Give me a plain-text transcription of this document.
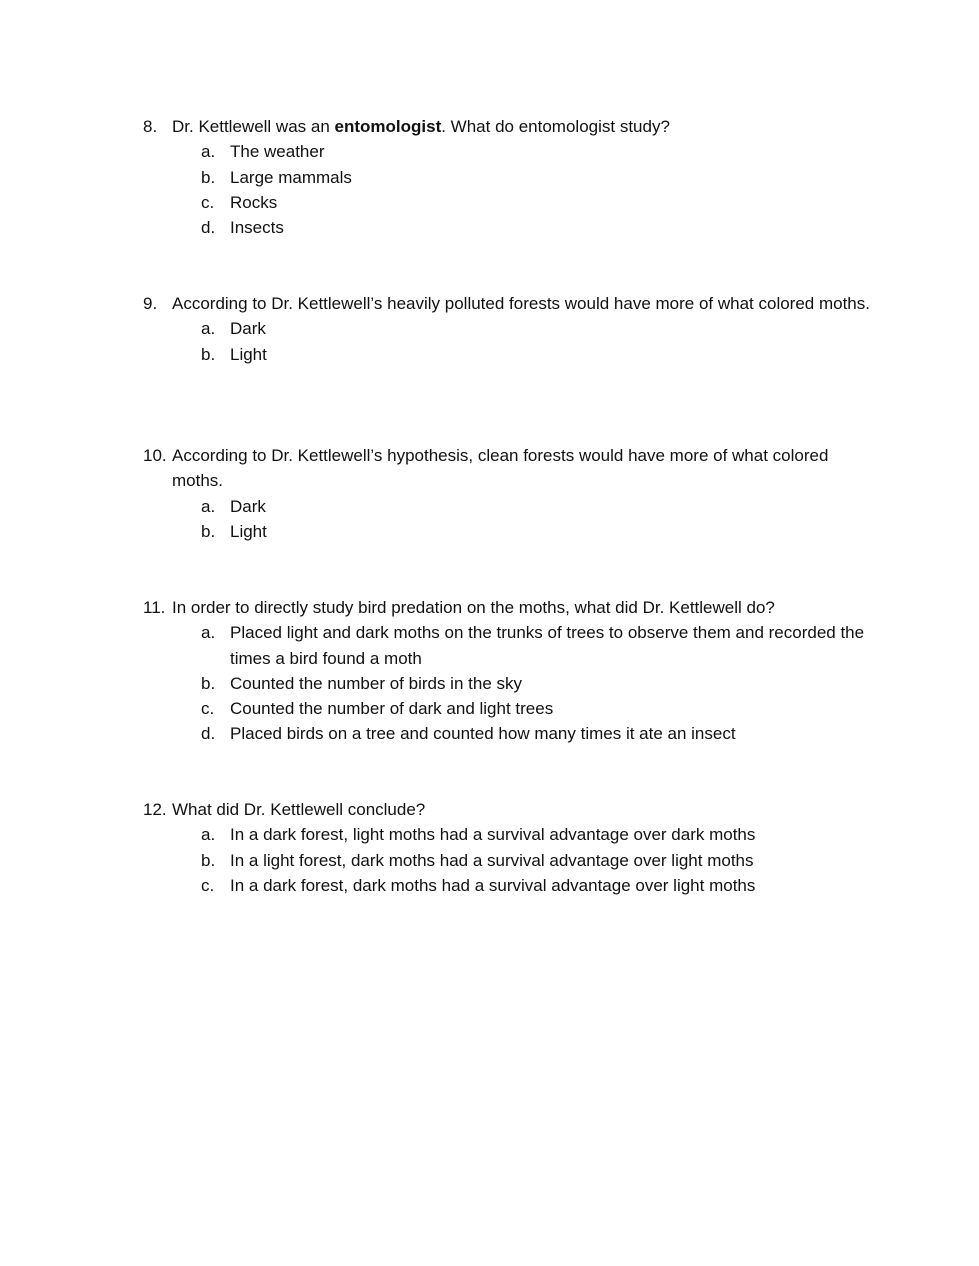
8. Dr. Kettlewell was an entomologist. What do entomologist study?
a. The weather
b. Large mammals
c. Rocks
d. Insects
9. According to Dr. Kettlewell’s heavily polluted forests would have more of what colored moths.
a. Dark
b. Light
10. According to Dr. Kettlewell’s hypothesis, clean forests would have more of what colored moths.
a. Dark
b. Light
11. In order to directly study bird predation on the moths, what did Dr. Kettlewell do?
a. Placed light and dark moths on the trunks of trees to observe them and recorded the times a bird found a moth
b. Counted the number of birds in the sky
c. Counted the number of dark and light trees
d. Placed birds on a tree and counted how many times it ate an insect
12. What did Dr. Kettlewell conclude?
a. In a dark forest, light moths had a survival advantage over dark moths
b. In a light forest, dark moths had a survival advantage over light moths
c. In a dark forest, dark moths had a survival advantage over light moths
